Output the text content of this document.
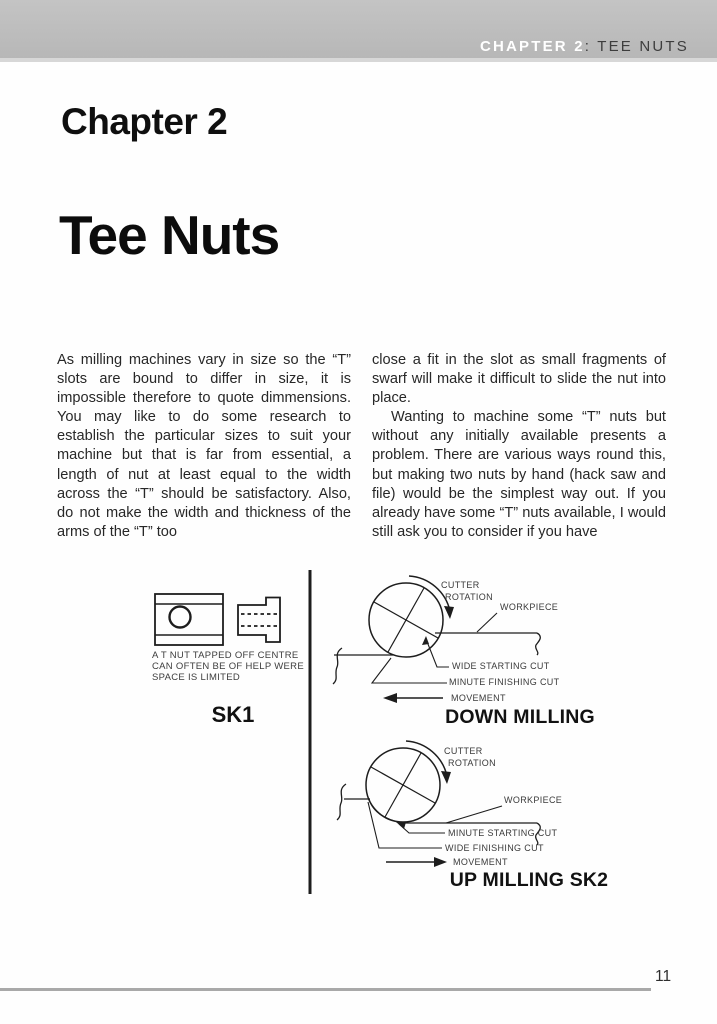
CHAPTER 2: TEE NUTS
Chapter 2
Tee Nuts

As milling machines vary in size so the “T” slots are bound to differ in size, it is impossible therefore to quote dimmensions. You may like to do some research to establish the particular sizes to suit your machine but that is far from essential, a length of nut at least equal to the width across the “T” should be satisfactory. Also, do not make the width and thickness of the arms of the “T” too

close a fit in the slot as small fragments of swarf will make it difficult to slide the nut into place.

Wanting to machine some “T” nuts but without any initially available presents a problem. There are various ways round this, but making two nuts by hand (hack saw and file) would be the simplest way out. If you already have some “T” nuts available, I would still ask you to consider if you have

A T NUT TAPPED OFF CENTRE
CAN OFTEN BE OF HELP WERE
SPACE IS LIMITED
SK1
CUTTER
ROTATION
WORKPIECE
WIDE STARTING CUT
MINUTE FINISHING CUT
MOVEMENT
DOWN MILLING
CUTTER
ROTATION
WORKPIECE
MINUTE STARTING CUT
WIDE FINISHING CUT
MOVEMENT
UP MILLING SK2
11
